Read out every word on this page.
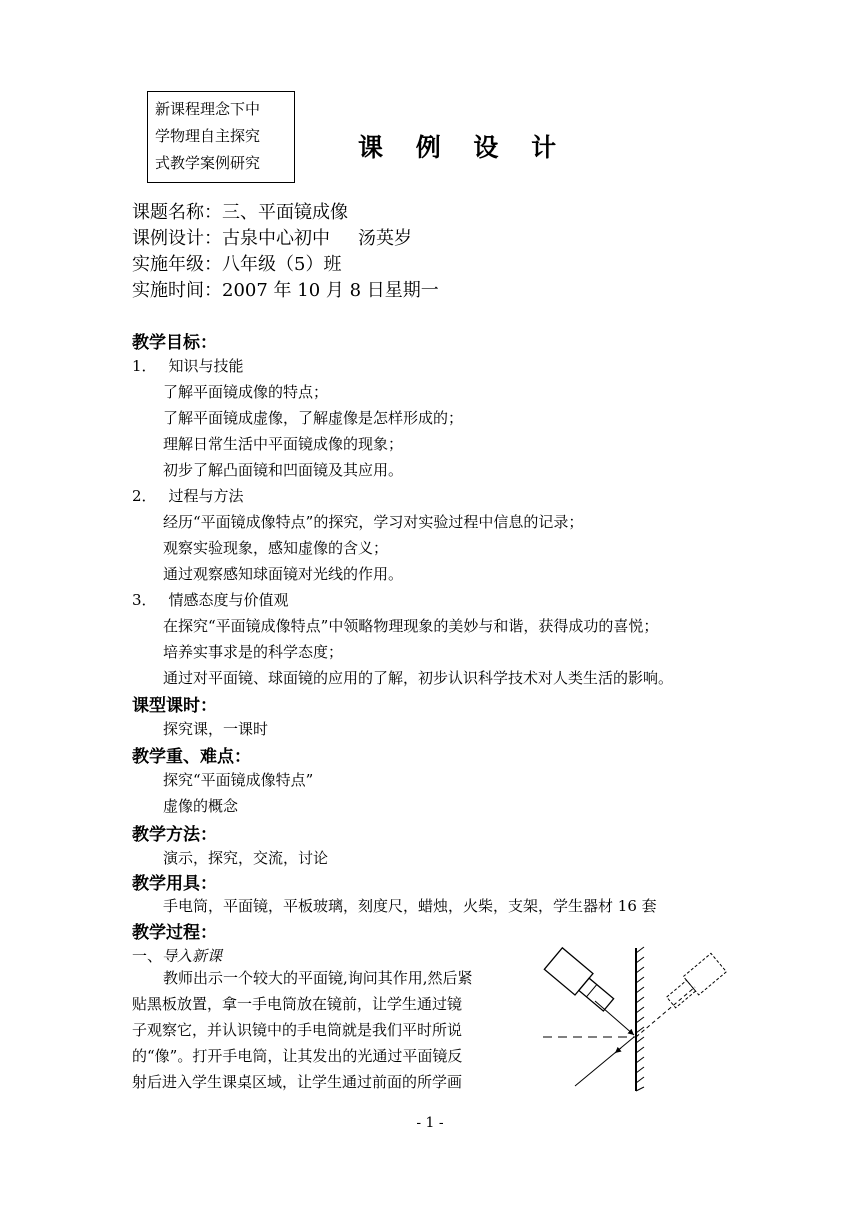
新课程理念下中
学物理自主探究
式教学案例研究
课 例 设 计
课题名称：三、平面镜成像
课例设计：古泉中心初中 汤英岁
实施年级：八年级（5）班
实施时间：2007 年 10 月 8 日星期一
教学目标：
1． 知识与技能
了解平面镜成像的特点；
了解平面镜成虚像，了解虚像是怎样形成的；
理解日常生活中平面镜成像的现象；
初步了解凸面镜和凹面镜及其应用。
2． 过程与方法
经历“平面镜成像特点”的探究，学习对实验过程中信息的记录；
观察实验现象，感知虚像的含义；
通过观察感知球面镜对光线的作用。
3． 情感态度与价值观
在探究“平面镜成像特点”中领略物理现象的美妙与和谐，获得成功的喜悦；
培养实事求是的科学态度；
通过对平面镜、球面镜的应用的了解，初步认识科学技术对人类生活的影响。
课型课时：
探究课，一课时
教学重、难点：
探究“平面镜成像特点”
虚像的概念
教学方法：
演示，探究，交流，讨论
教学用具：
手电筒，平面镜，平板玻璃，刻度尺，蜡烛，火柴，支架，学生器材 16 套
教学过程：
一、导入新课
教师出示一个较大的平面镜,询问其作用,然后紧
贴黑板放置，拿一手电筒放在镜前，让学生通过镜
子观察它，并认识镜中的手电筒就是我们平时所说
的“像”。打开手电筒，让其发出的光通过平面镜反
射后进入学生课桌区域，让学生通过前面的所学画
- 1 -
